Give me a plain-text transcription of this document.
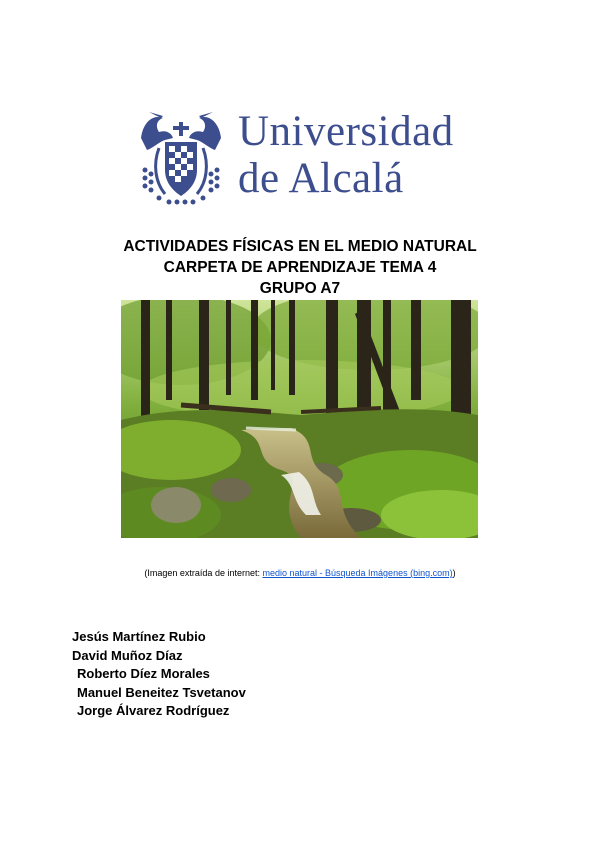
Universidad
de Alcalá
ACTIVIDADES FÍSICAS EN EL MEDIO NATURAL
CARPETA DE APRENDIZAJE TEMA 4
GRUPO A7
(Imagen extraída de internet: medio natural - Búsqueda Imágenes (bing.com))
Jesús Martínez Rubio
David Muñoz Díaz
Roberto Díez Morales
Manuel Beneitez Tsvetanov
Jorge Álvarez Rodríguez
